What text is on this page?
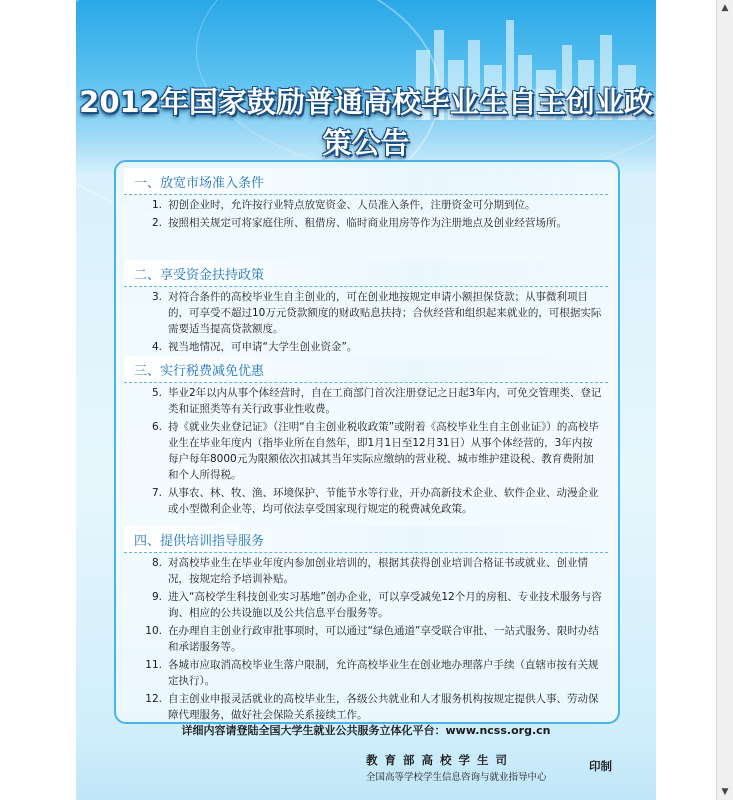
2012年国家鼓励普通高校毕业生自主创业政策公告
一、放宽市场准入条件
1. 初创企业时，允许按行业特点放宽资金、人员准入条件，注册资金可分期到位。
2. 按照相关规定可将家庭住所、租借房、临时商业用房等作为注册地点及创业经营场所。
二、享受资金扶持政策
3. 对符合条件的高校毕业生自主创业的，可在创业地按规定申请小额担保贷款；从事微利项目的，可享受不超过10万元贷款额度的财政贴息扶持；合伙经营和组织起来就业的，可根据实际需要适当提高贷款额度。
4. 视当地情况，可申请“大学生创业资金”。
三、实行税费减免优惠
5. 毕业2年以内从事个体经营时，自在工商部门首次注册登记之日起3年内，可免交管理类、登记类和证照类等有关行政事业性收费。
6. 持《就业失业登记证》（注明“自主创业税收政策”或附着《高校毕业生自主创业证》）的高校毕业生在毕业年度内（指毕业所在自然年，即1月1日至12月31日）从事个体经营的，3年内按每户每年8000元为限额依次扣减其当年实际应缴纳的营业税、城市维护建设税、教育费附加和个人所得税。
7. 从事农、林、牧、渔、环境保护、节能节水等行业，开办高新技术企业、软件企业、动漫企业或小型微利企业等，均可依法享受国家现行规定的税费减免政策。
四、提供培训指导服务
8. 对高校毕业生在毕业年度内参加创业培训的，根据其获得创业培训合格证书或就业、创业情况，按规定给予培训补贴。
9. 进入“高校学生科技创业实习基地”创办企业，可以享受减免12个月的房租、专业技术服务与咨询、相应的公共设施以及公共信息平台服务等。
10. 在办理自主创业行政审批事项时，可以通过“绿色通道”享受联合审批、一站式服务、限时办结和承诺服务等。
11. 各城市应取消高校毕业生落户限制，允许高校毕业生在创业地办理落户手续（直辖市按有关规定执行）。
12. 自主创业申报灵活就业的高校毕业生，各级公共就业和人才服务机构按规定提供人事、劳动保障代理服务，做好社会保险关系接续工作。
详细内容请登陆全国大学生就业公共服务立体化平台：www.ncss.org.cn
教育部高校学生司
全国高等学校学生信息咨询与就业指导中心
印制
▲
▼
